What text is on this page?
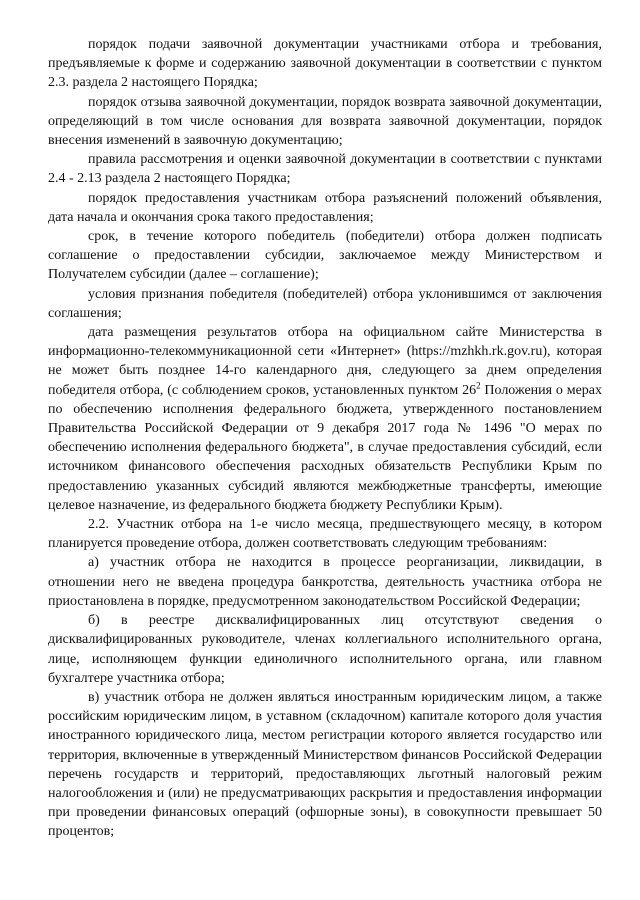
порядок подачи заявочной документации участниками отбора и требования, предъявляемые к форме и содержанию заявочной документации в соответствии с пунктом 2.3. раздела 2 настоящего Порядка;

порядок отзыва заявочной документации, порядок возврата заявочной документации, определяющий в том числе основания для возврата заявочной документации, порядок внесения изменений в заявочную документацию;

правила рассмотрения и оценки заявочной документации в соответствии с пунктами 2.4 - 2.13 раздела 2 настоящего Порядка;

порядок предоставления участникам отбора разъяснений положений объявления, дата начала и окончания срока такого предоставления;

срок, в течение которого победитель (победители) отбора должен подписать соглашение о предоставлении субсидии, заключаемое между Министерством и Получателем субсидии (далее – соглашение);

условия признания победителя (победителей) отбора уклонившимся от заключения соглашения;

дата размещения результатов отбора на официальном сайте Министерства в информационно-телекоммуникационной сети «Интернет» (https://mzhkh.rk.gov.ru), которая не может быть позднее 14-го календарного дня, следующего за днем определения победителя отбора, (с соблюдением сроков, установленных пунктом $26^2$ Положения о мерах по обеспечению исполнения федерального бюджета, утвержденного постановлением Правительства Российской Федерации от 9 декабря 2017 года № 1496 "О мерах по обеспечению исполнения федерального бюджета", в случае предоставления субсидий, если источником финансового обеспечения расходных обязательств Республики Крым по предоставлению указанных субсидий являются межбюджетные трансферты, имеющие целевое назначение, из федерального бюджета бюджету Республики Крым).

2.2. Участник отбора на 1-е число месяца, предшествующего месяцу, в котором планируется проведение отбора, должен соответствовать следующим требованиям:

а) участник отбора не находится в процессе реорганизации, ликвидации, в отношении него не введена процедура банкротства, деятельность участника отбора не приостановлена в порядке, предусмотренном законодательством Российской Федерации;

б) в реестре дисквалифицированных лиц отсутствуют сведения о дисквалифицированных руководителе, членах коллегиального исполнительного органа, лице, исполняющем функции единоличного исполнительного органа, или главном бухгалтере участника отбора;

в) участник отбора не должен являться иностранным юридическим лицом, а также российским юридическим лицом, в уставном (складочном) капитале которого доля участия иностранного юридического лица, местом регистрации которого является государство или территория, включенные в утвержденный Министерством финансов Российской Федерации перечень государств и территорий, предоставляющих льготный налоговый режим налогообложения и (или) не предусматривающих раскрытия и предоставления информации при проведении финансовых операций (офшорные зоны), в совокупности превышает 50 процентов;
